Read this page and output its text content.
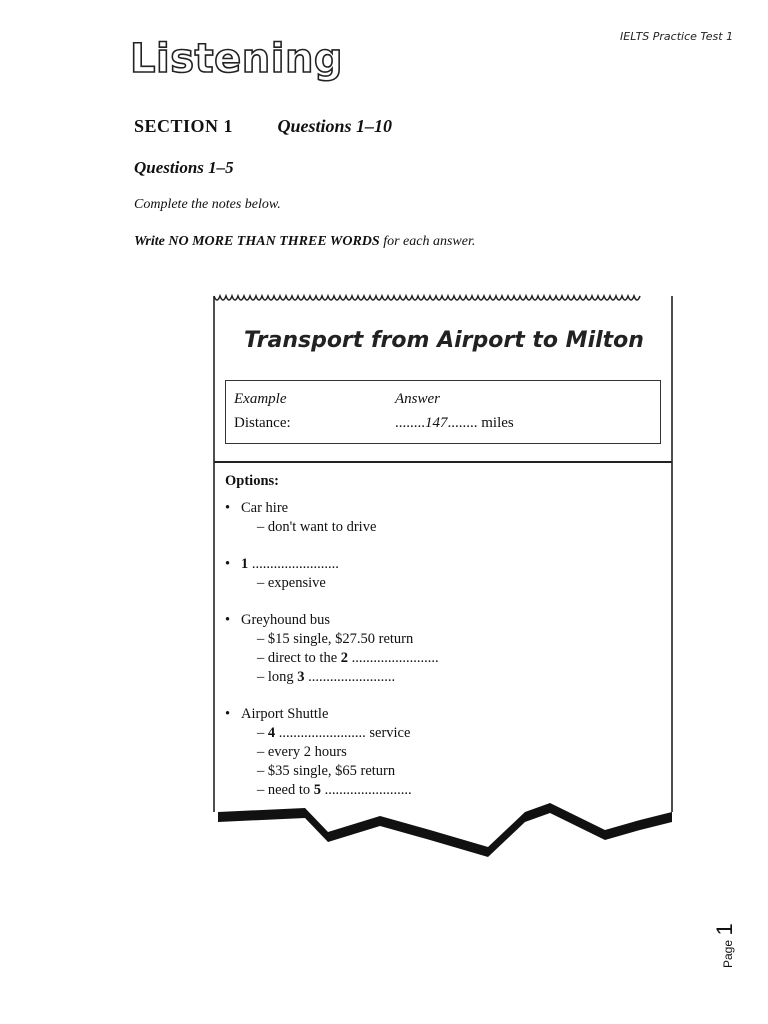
IELTS Practice Test 1
Listening
SECTION 1 Questions 1–10
Questions 1–5
Complete the notes below.
Write NO MORE THAN THREE WORDS for each answer.
Transport from Airport to Milton
Example	Answer
Distance:	........147........ miles
Options:
• Car hire
– don't want to drive
• 1 ........................
– expensive
• Greyhound bus
– $15 single, $27.50 return
– direct to the 2 ........................
– long 3 ........................
• Airport Shuttle
– 4 ........................ service
– every 2 hours
– $35 single, $65 return
– need to 5 ........................
Page 1
